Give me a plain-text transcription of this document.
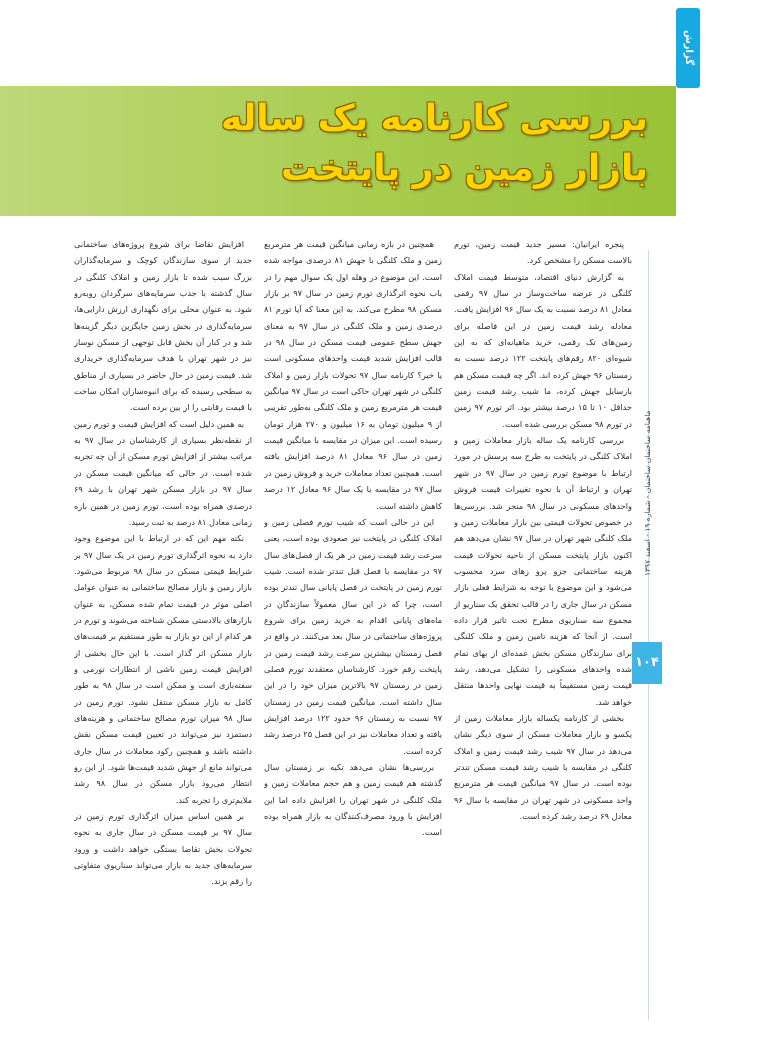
گزارش
بررسی کارنامه یک ساله
بازار زمین در پایتخت
ماهنامه ساختمان ساختمان - شماره ۱۹ - اسفند ۱۳۹۷
۱۰۴

پنجره ایرانیان: مسیر جدید قیمت زمین، تورم بالاست مسکن را مشخص کرد.

به گزارش دنیای اقتصاد، متوسط قیمت املاک کلنگی در عرضه ساخت‌وساز در سال ۹۷ رقمی معادل ۸۱ درصد نسبت به یک سال ۹۶ افزایش یافت. معادله رشد قیمت زمین در این فاصله برای زمین‌های تک رقمی، خرید ماهیانه‌ای که به این شیوه‌ای ۸۲۰ رقم‌های پایتخت ۱۲۲ درصد نسبت به زمستان ۹۶ جهش کرده اند. اگر چه قیمت مسکن هم بازسایل جهش کرده، ما شیب رشد قیمت زمین حداقل ۱۰ تا ۱۵ درصد بیشتر بود. اثر تورم ۹۷ زمین در تورم ۹۸ مسکن بررسی شده است.

بررسی کارنامه یک ساله بازار معاملات زمین و املاک کلنگی در پایتخت به طرح سه پرسش در مورد ارتباط با موضوع تورم زمین در سال ۹۷ در شهر تهران و ارتباط آن با نحوه تغییرات قیمت فروش واحدهای مسکونی در سال ۹۸ منجر شد. بررسی‌ها در خصوص تحولات قیمتی بین بازار معاملات زمین و ملک کلنگی شهر تهران در سال ۹۷ نشان می‌دهد هم اکنون بازار پایتخت مسکن از ناحیه تحولات قیمت هزینه ساختمانی جزو پرو زهای سرد محسوب می‌شود و این موضوع با توجه به شرایط فعلی بازار مسکن در سال جاری را در قالب تحقق یک سناریو از مجموع سه سناریوی مطرح تحت تاثیر قرار داده است. از آنجا که هزینه تامین زمین و ملک کلنگی برای سازندگان مسکن بخش عمده‌ای از بهای تمام شده واحدهای مسکونی را تشکیل می‌دهد، رشد قیمت زمین مستقیماً به قیمت نهایی واحدها منتقل خواهد شد.

بخشی از کارنامه یکساله بازار معاملات زمین از یکسو و بازار معاملات مسکن از سوی دیگر نشان می‌دهد در سال ۹۷ شیب رشد قیمت زمین و املاک کلنگی در مقایسه با شیب رشد قیمت مسکن تندتر بوده است. در سال ۹۷ میانگین قیمت هر مترمربع واحد مسکونی در شهر تهران در مقایسه با سال ۹۶ معادل ۶۹ درصد رشد کرده است.

همچنین در بازه زمانی میانگین قیمت هر مترمربع زمین و ملک کلنگی با جهش ۸۱ درصدی مواجه شده است. این موضوع در وهله اول یک سوال مهم را در باب نحوه اثرگذاری تورم زمین در سال ۹۷ بر بازار مسکن ۹۸ مطرح می‌کند. به این معنا که آیا تورم ۸۱ درصدی زمین و ملک کلنگی در سال ۹۷ به معنای جهش سطح عمومی قیمت مسکن در سال ۹۸ در قالب افزایش شدید قیمت واحدهای مسکونی است یا خیر؟ کارنامه سال ۹۷ تحولات بازار زمین و املاک کلنگی در شهر تهران حاکی است در سال ۹۷ میانگین قیمت هر مترمربع زمین و ملک کلنگی به‌طور تقریبی از ۹ میلیون تومان به ۱۶ میلیون و ۲۷۰ هزار تومان رسیده است. این میزان در مقایسه با میانگین قیمت زمین در سال ۹۶ معادل ۸۱ درصد افزایش یافته است. همچنین تعداد معاملات خرید و فروش زمین در سال ۹۷ در مقایسه با یک سال ۹۶ معادل ۱۲ درصد کاهش داشته است.

این در حالی است که شیب تورم فصلی زمین و املاک کلنگی در پایتخت نیز صعودی بوده است، یعنی سرعت رشد قیمت زمین در هر یک از فصل‌های سال ۹۷ در مقایسه با فصل قبل تندتر شده است. شیب تورم زمین در پایتخت در فصل پایانی سال تندتر بوده است، چرا که در این سال معمولاً سازندگان در ماه‌های پایانی اقدام به خرید زمین برای شروع پروژه‌های ساختمانی در سال بعد می‌کنند. در واقع در فصل زمستان بیشترین سرعت رشد قیمت زمین در پایتخت رقم خورد. کارشناسان معتقدند تورم فصلی زمین در زمستان ۹۷ بالاترین میزان خود را در این سال داشته است. میانگین قیمت زمین در زمستان ۹۷ نسبت به زمستان ۹۶ حدود ۱۲۲ درصد افزایش یافته و تعداد معاملات نیز در این فصل ۲۵ درصد رشد کرده است.

بررسی‌ها نشان می‌دهد تکیه بر زمستان سال گذشته هم قیمت زمین و هم حجم معاملات زمین و ملک کلنگی در شهر تهران را افزایش داده اما این افزایش با ورود مصرف‌کنندگان به بازار همراه بوده است.

افزایش تقاضا برای شروع پروژه‌های ساختمانی جدید از سوی سازندگان کوچک و سرمایه‌گذاران بزرگ سبب شده تا بازار زمین و املاک کلنگی در سال گذشته با جذب سرمایه‌های سرگردان روبه‌رو شود. به عنوان محلی برای نگهداری ارزش دارایی‌ها، سرمایه‌گذاری در بخش زمین جایگزین دیگر گزینه‌ها شد و در کنار آن بخش قابل توجهی از مسکن نوساز نیز در شهر تهران با هدف سرمایه‌گذاری خریداری شد. قیمت زمین در حال حاضر در بسیاری از مناطق به سطحی رسیده که برای انبوه‌سازان امکان ساخت با قیمت رقابتی را از بین برده است.

به همین دلیل است که افزایش قیمت و تورم زمین از نقطه‌نظر بسیاری از کارشناسان در سال ۹۷ به مراتب بیشتر از افزایش تورم مسکن از آن چه تجربه شده است. در حالی که میانگین قیمت مسکن در سال ۹۷ در بازار مسکن شهر تهران با رشد ۶۹ درصدی همراه بوده است، تورم زمین در همین بازه زمانی معادل ۸۱ درصد به ثبت رسید.

نکته مهم این که در ارتباط با این موضوع وجود دارد به نحوه اثرگذاری تورم زمین در یک سال ۹۷ بر شرایط قیمتی مسکن در سال ۹۸ مربوط می‌شود. بازار زمین و بازار مصالح ساختمانی به عنوان عوامل اصلی موثر در قیمت تمام شده مسکن، به عنوان بازارهای بالادستی مسکن شناخته می‌شوند و تورم در هر کدام از این دو بازار به طور مستقیم بر قیمت‌های بازار مسکن اثر گذار است. با این حال بخشی از افزایش قیمت زمین ناشی از انتظارات تورمی و سفته‌بازی است و ممکن است در سال ۹۸ به طور کامل به بازار مسکن منتقل نشود. تورم زمین در سال ۹۸ میزان تورم مصالح ساختمانی و هزینه‌های دستمزد نیز می‌تواند در تعیین قیمت مسکن نقش داشته باشد و همچنین رکود معاملات در سال جاری می‌تواند مانع از جهش شدید قیمت‌ها شود. از این رو انتظار می‌رود بازار مسکن در سال ۹۸ رشد ملایم‌تری را تجربه کند.

بر همین اساس میزان اثرگذاری تورم زمین در سال ۹۷ بر قیمت مسکن در سال جاری به نحوه تحولات بخش تقاضا بستگی خواهد داشت و ورود سرمایه‌های جدید به بازار می‌تواند سناریوی متفاوتی را رقم بزند.
